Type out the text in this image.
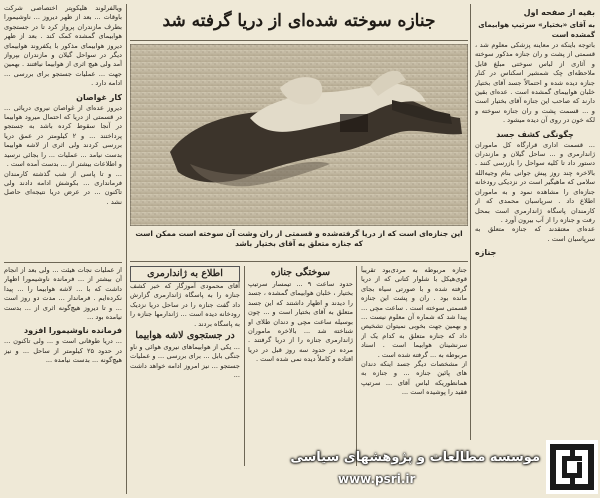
جنازه سوخته شده‌ای از دریا گرفته شد
این جنازه‌ای است که از دریا گرفته‌شده و قسمتی از ران وشت آن سوخته است ممکن است که جنازه متعلق به آقای بختیار باشد

بقیه از صفحه اول

به آقای «بختیار» سرتیپ هوابیمای گمشده است

باتوجه باینکه در معاینه پزشکی معلوم شد ، قسمتی از پشت و ران جنازه مذکور سوخته و آثاری از لباس سوختی مبلغ قابل ملاحظه‌ای چک شمشیر اسکناس در کنار جنازه دیده شده و احتمالاً جسد آقای بختیار خلبان هوابیمای گمشده است . عده‌ای بقین دارند که صاحب این جنازه آقای بختیار است و ... قسمت پشت و ران جنازه سوخته و لکه خون در روی آن دیده میشود .

چگونگی کشف جسد

... قسمت اداری قرارگاه کل ماموران ژاندارمری و ... ساحل گیلان و مازندران دستور داد تا کلیه سواحل را بازرسی کنند . بالاخره چند روز پیش جوانی بنام وجیه‌الله سلامی که ماهیگیر است در نزدیکی رودخانه جنازه‌ای را مشاهده نمود و به ماموران اطلاع داد . سرپاسبان محمدی که از کارمندان پاسگاه ژاندارمری است بمحل رفت و جنازه را از آب بیرون آورد .

عده‌ای معتقدند که جنازه متعلق به سرپاسبان است .

جنازه

جنازه مربوطه به مردی‌بود تقریباً قوی‌هیکل با شلوار کتانی که از دریا گرفته شده و با صورتی سیاه بجای مانده بود . ران و پشت این جنازه قسمتی سوخته است . ساعت مچی ... پیدا شد که شماره آن معلوم نیست ... و بهمین جهت بخوبی نمیتوان تشخیص داد که جنازه متعلق به کدام یک از سرنشینان هوابیما است . اسناد مربوطه به ... گرفته شده است .

از مشخصات دیگر جسد اینکه دندان های پائین جنازه ... و جنازه به همانطوریکه لباس آقای ... سرتیپ فقید را پوشیده است ...

سوختگی جنازه

حدود ساعت ۹ ... تیمسار سرتیپ بختیار ، خلبان هوابیمای گمشده ، جسد را دیدند و اظهار داشتند که این جسد متعلق به آقای بختیار است و ... چون بوسیله ساعت مچی و دندان طلای او شناخته شد ... بالاخره ماموران ژاندارمری جنازه را از دریا گرفتند . مرده در حدود سه روز قبل در دریا افتاده و کاملاً دیده نمی شده است .

اطلاع به ژاندارمری

آقای محمودی آموزگار که خبر کشف جنازه را به پاسگاه ژاندارمری گزارش داد گفت جنازه را در ساحل دریا نزدیک رودخانه دیده است ... ژاندارمها جنازه را به پاسگاه بردند .

در جستجوی لاشه هوابیما

... یکی از هوابیماهای نیروی هوائی و ناو جنگی بابل ... برای بررسی ... و عملیات جستجو ... نیز امروز ادامه خواهد داشت ...

ویالفرلوند هلیکوپتر اختصاصی شرکت باوقات ... بعد از ظهر دیروز ... ناوشیمورا بطرف مازندران پرواز کرد تا در جستجوی هوابیمای گمشده کمک کند . بعد از ظهر دیروز هوابیمای مذکور با یکفروند هوابیمای دیگر در سواحل گیلان و مازندران بپرواز آمد ولی هیچ اثری از هوابیما نیافتند . بهمین جهت ... عملیات جستجو برای بررسی ... ادامه دارد .

کار غواصان

دیروز عده‌ای از غواصان نیروی دریائی ... در قسمتی از دریا که احتمال میرود هوابیما در آنجا سقوط کرده باشد به جستجو پرداختند ... و ۲ کیلومتر در عمق دریا بررسی کردند ولی اثری از لاشه هوابیما بدست نیامد ... عملیات ... را بجائی نرسید و اطلاعات بیشتر از ... بدست آمده است .

... و تا پاسی از شب گذشته کارمندان فرمانداری ... بکوشش ادامه دادند ولی تاکنون ... در عرض دریا نتیجه‌ای حاصل نشد .

از عملیات نجات هیئت ... ولی بعد از انجام آن بیشتر از ... فرمانده ناوشیمورا اظهار داشت که با ... لاشه هوابیما را ... پیدا نکرده‌ایم . فرماندار ... مدت دو روز است ... و تا دیروز هیچ‌گونه اثری از ... بدست نیامده بود ...

فرمانده ناوشیمورا افزود

... دریا طوفانی است و ... ولی تاکنون ... در حدود ۲۵ کیلومتر از ساحل ... و نیز هیچ‌گونه ... بدست نیامده ...

موسسه مطالعات و پژوهشهای سیاسی
www.psri.ir
